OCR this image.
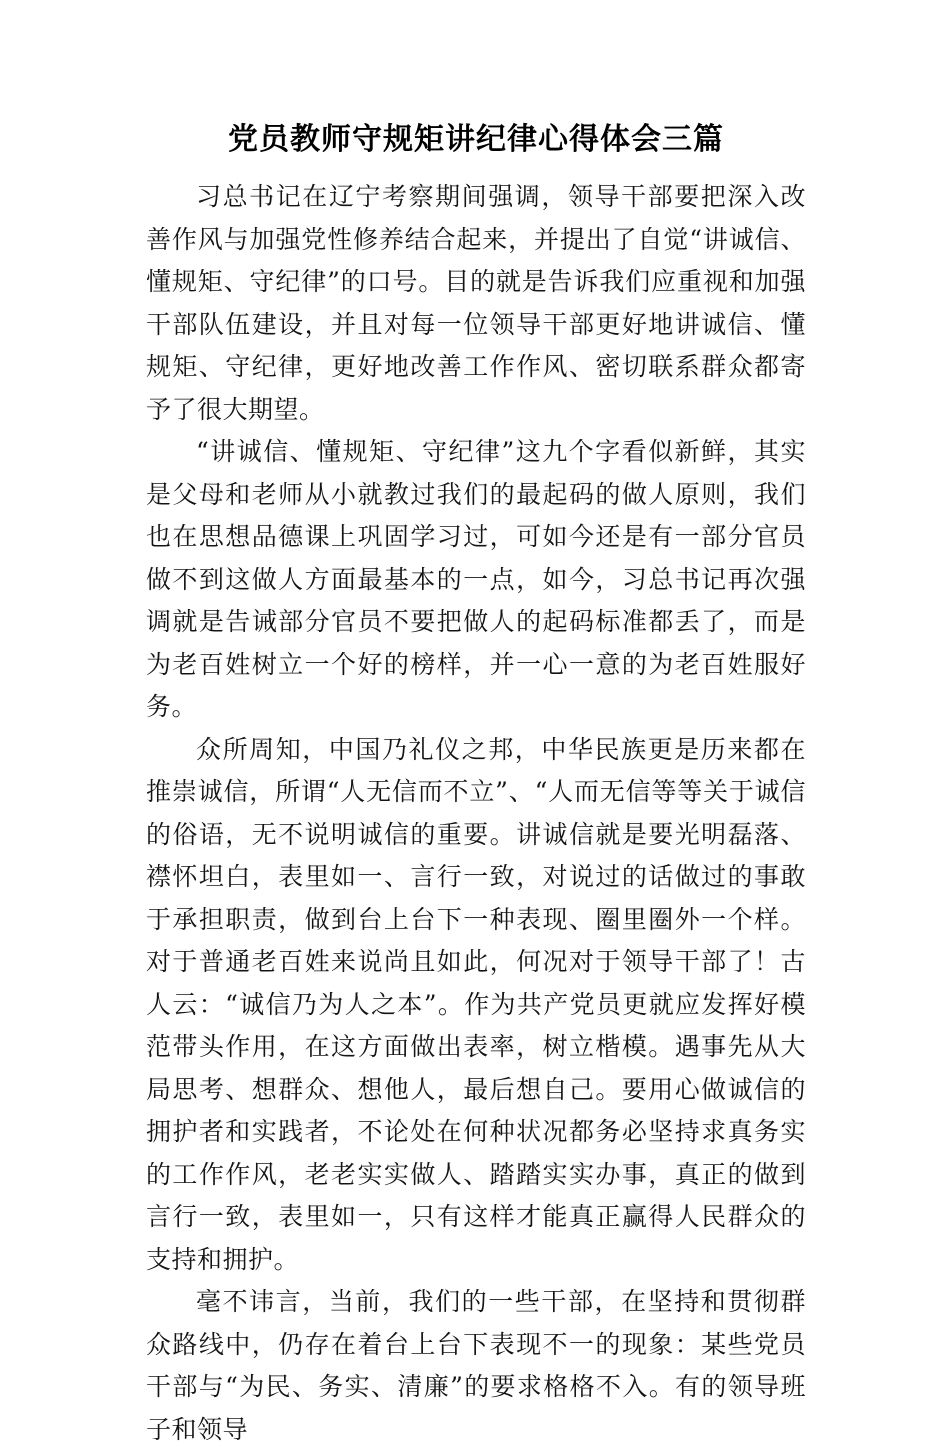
党员教师守规矩讲纪律心得体会三篇

习总书记在辽宁考察期间强调，领导干部要把深入改善作风与加强党性修养结合起来，并提出了自觉“讲诚信、懂规矩、守纪律”的口号。目的就是告诉我们应重视和加强干部队伍建设，并且对每一位领导干部更好地讲诚信、懂规矩、守纪律，更好地改善工作作风、密切联系群众都寄予了很大期望。

“讲诚信、懂规矩、守纪律”这九个字看似新鲜，其实是父母和老师从小就教过我们的最起码的做人原则，我们也在思想品德课上巩固学习过，可如今还是有一部分官员做不到这做人方面最基本的一点，如今，习总书记再次强调就是告诫部分官员不要把做人的起码标准都丢了，而是为老百姓树立一个好的榜样，并一心一意的为老百姓服好务。

众所周知，中国乃礼仪之邦，中华民族更是历来都在推崇诚信，所谓“人无信而不立”、“人而无信等等关于诚信的俗语，无不说明诚信的重要。讲诚信就是要光明磊落、襟怀坦白，表里如一、言行一致，对说过的话做过的事敢于承担职责，做到台上台下一种表现、圈里圈外一个样。对于普通老百姓来说尚且如此，何况对于领导干部了！古人云：“诚信乃为人之本”。作为共产党员更就应发挥好模范带头作用，在这方面做出表率，树立楷模。遇事先从大局思考、想群众、想他人，最后想自己。要用心做诚信的拥护者和实践者，不论处在何种状况都务必坚持求真务实的工作作风，老老实实做人、踏踏实实办事，真正的做到言行一致，表里如一，只有这样才能真正赢得人民群众的支持和拥护。

毫不讳言，当前，我们的一些干部，在坚持和贯彻群众路线中，仍存在着台上台下表现不一的现象：某些党员干部与“为民、务实、清廉”的要求格格不入。有的领导班子和领导
